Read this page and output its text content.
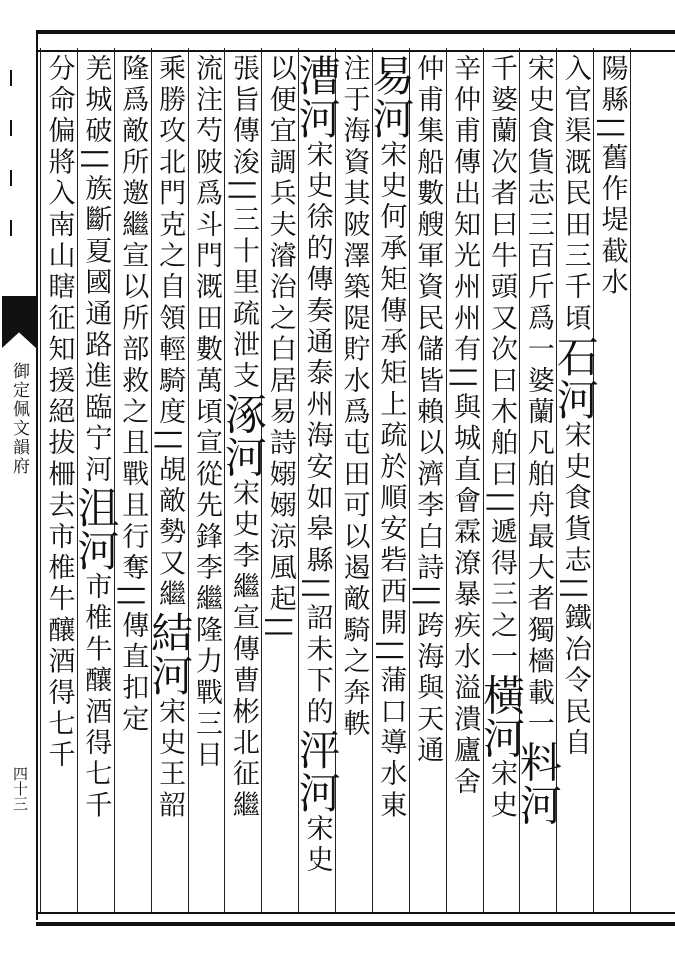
御定佩文韻府
四十三
陽縣||舊作堤截水
入官渠溉民田三千頃石河宋史食貨志||鐵冶令民自
宋史食貨志三百斤爲一婆蘭凡舶舟最大者獨檣載一料河
千婆蘭次者曰牛頭又次曰木舶曰||遞得三之一橫河宋史
辛仲甫傳出知光州州有||與城直會霖潦暴疾水溢潰廬舍
仲甫集船數艘軍資民儲皆賴以濟李白詩||跨海與天通
易河宋史何承矩傳承矩上疏於順安砦西開||蒲口導水東
注于海資其陂澤築隄貯水爲屯田可以遏敵騎之奔軼
漕河宋史徐的傳奏通泰州海安如皋縣||詔未下的泙河宋史
以便宜調兵夫濬治之白居易詩嫋嫋涼風起||
張旨傳浚||三十里疏泄支涿河宋史李繼宣傳曹彬北征繼
流注芍陂爲斗門溉田數萬頃宣從先鋒李繼隆力戰三日
乘勝攻北門克之自領輕騎度||覘敵勢又繼結河宋史王韶
隆爲敵所邀繼宣以所部救之且戰且行奪||傳直扣定
羌城破||族斷夏國通路進臨宁河沮河市椎牛釀酒得七千
分命偏將入南山瞎征知援絕拔柵去市椎牛釀酒得七千
